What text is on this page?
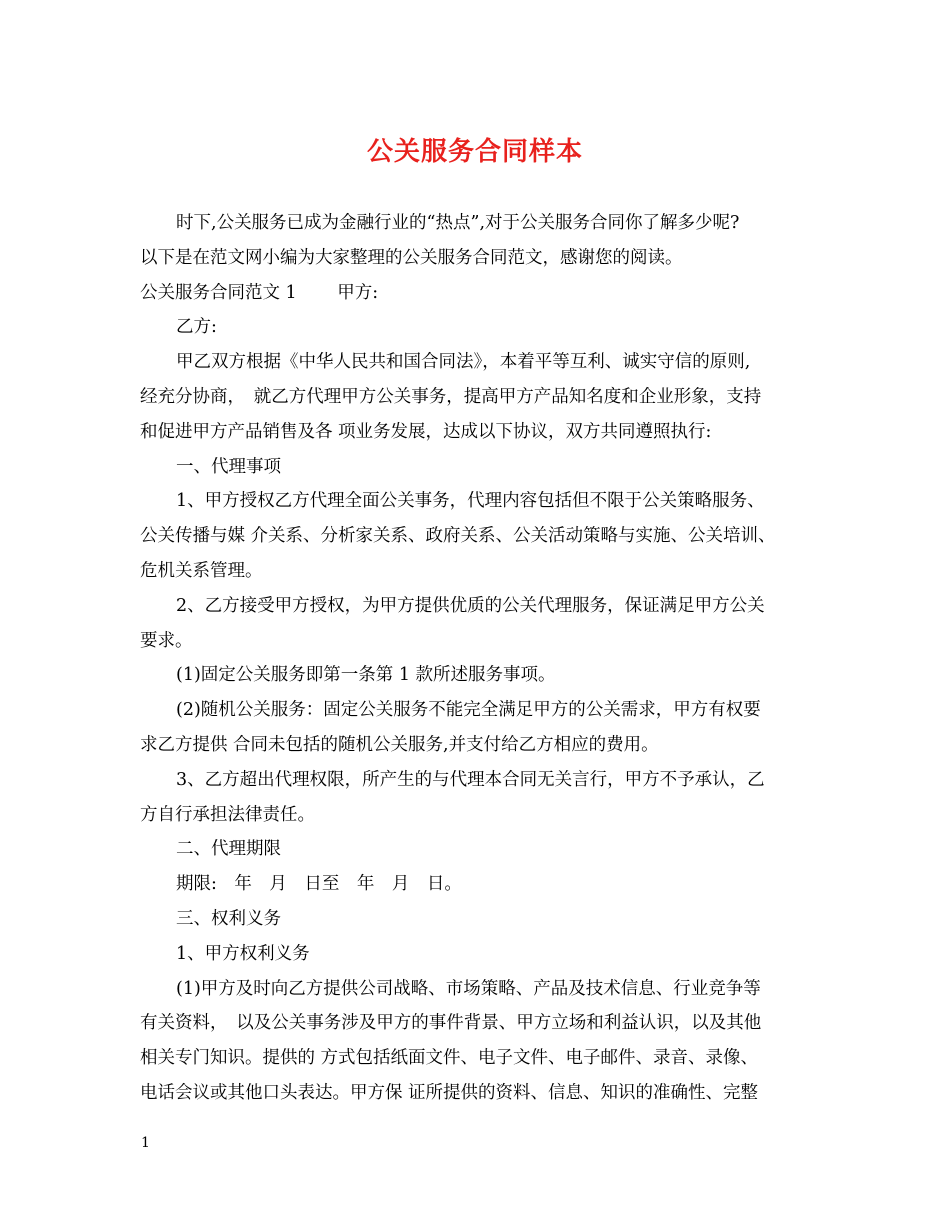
公关服务合同样本
时下,公关服务已成为金融行业的“热点”,对于公关服务合同你了解多少呢?
以下是在范文网小编为大家整理的公关服务合同范文，感谢您的阅读。
公关服务合同范文 1　　 甲方:
乙方:
甲乙双方根据《中华人民共和国合同法》，本着平等互利、诚实守信的原则,
经充分协商，　就乙方代理甲方公关事务，提高甲方产品知名度和企业形象，支持
和促进甲方产品销售及各 项业务发展，达成以下协议，双方共同遵照执行:
一、代理事项
1、甲方授权乙方代理全面公关事务，代理内容包括但不限于公关策略服务、
公关传播与媒 介关系、分析家关系、政府关系、公关活动策略与实施、公关培训、
危机关系管理。
2、乙方接受甲方授权，为甲方提供优质的公关代理服务，保证满足甲方公关
要求。
(1)固定公关服务即第一条第 1 款所述服务事项。
(2)随机公关服务：固定公关服务不能完全满足甲方的公关需求，甲方有权要
求乙方提供 合同未包括的随机公关服务,并支付给乙方相应的费用。
3、乙方超出代理权限，所产生的与代理本合同无关言行，甲方不予承认，乙
方自行承担法律责任。
二、代理期限
期限:　年　月　日至　年　月　日。
三、权利义务
1、甲方权利义务
(1)甲方及时向乙方提供公司战略、市场策略、产品及技术信息、行业竞争等
有关资料，　以及公关事务涉及甲方的事件背景、甲方立场和利益认识，以及其他
相关专门知识。提供的 方式包括纸面文件、电子文件、电子邮件、录音、录像、
电话会议或其他口头表达。甲方保 证所提供的资料、信息、知识的准确性、完整
1
